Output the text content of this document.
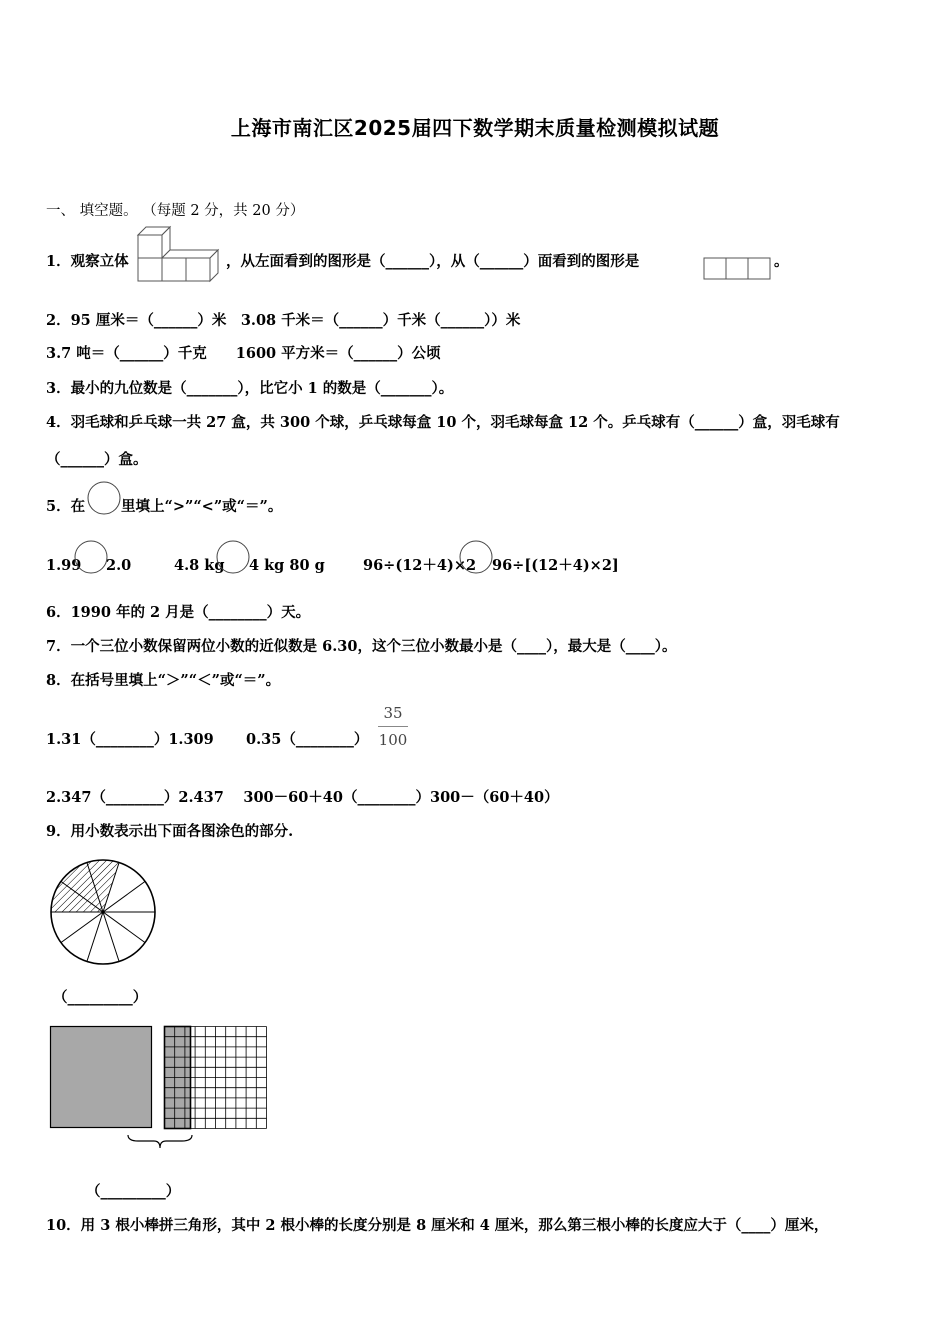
上海市南汇区2025届四下数学期末质量检测模拟试题
一、 填空题。 （每题 2 分，共 20 分）
1．观察立体	，从左面看到的图形是（______），从（______）面看到的图形是	。
2．95 厘米＝（______）米　3.08 千米＝（______）千米（______））米
3.7 吨＝（______）千克　　1600 平方米＝（______）公顷
3．最小的九位数是（_______），比它小 1 的数是（_______）。
4．羽毛球和乒乓球一共 27 盒，共 300 个球，乒乓球每盒 10 个，羽毛球每盒 12 个。乒乓球有（______）盒，羽毛球有
（______）盒。
5．在 里填上“>”“<”或“＝”。
1.99 2.0	4.8 kg 4 kg 80 g	96÷(12＋4)×2 96÷[(12＋4)×2]
6．1990 年的 2 月是（________）天。
7．一个三位小数保留两位小数的近似数是 6.30，这个三位小数最小是（____），最大是（____）。
8．在括号里填上“＞”“＜”或“＝”。
1.31（________）1.309 0.35（________）
35
100
2.347（________）2.437　 300－60＋40（________）300－（60＋40）
9．用小数表示出下面各图涂色的部分.
（_________）
（_________）
10．用 3 根小棒拼三角形，其中 2 根小棒的长度分别是 8 厘米和 4 厘米，那么第三根小棒的长度应大于（____）厘米，
